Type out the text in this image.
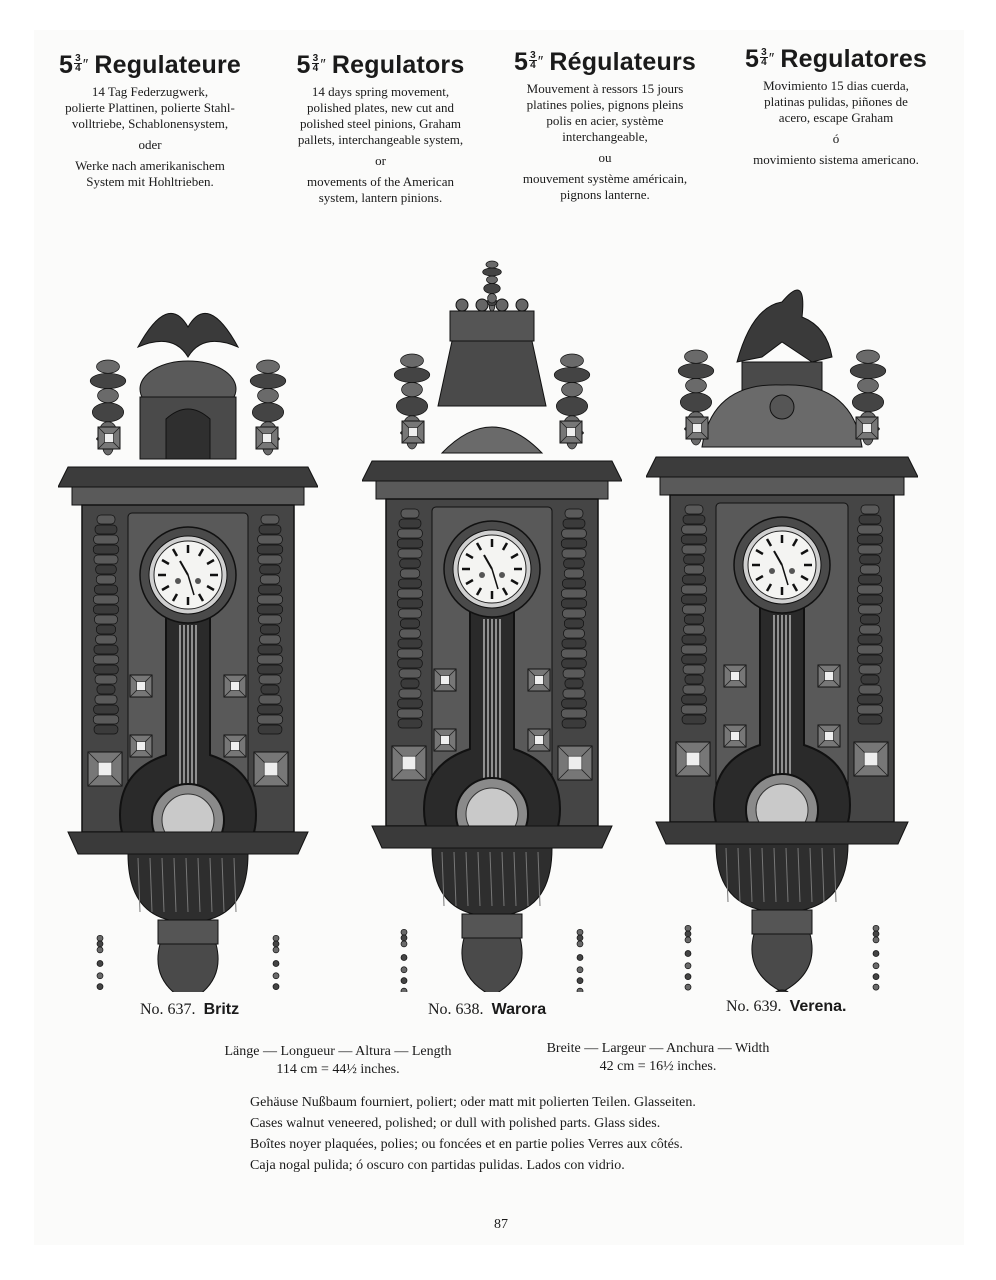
$5 \frac{3}{4} ''$ Regulateure
14 Tag Federzugwerk,
polierte Plattinen, polierte Stahl-
volltriebe, Schablonensystem,
oder
Werke nach amerikanischem
System mit Hohltrieben.
$5 \frac{3}{4} ''$ Regulators
14 days spring movement,
polished plates, new cut and
polished steel pinions, Graham
pallets, interchangeable system,
or
movements of the American
system, lantern pinions.
$5 \frac{3}{4} ''$ Régulateurs
Mouvement à ressors 15 jours
platines polies, pignons pleins
polis en acier, système
interchangeable,
ou
mouvement système américain,
pignons lanterne.
$5 \frac{3}{4} ''$ Regulatores
Movimiento 15 dias cuerda,
platinas pulidas, piñones de
acero, escape Graham
ó
movimiento sistema americano.
No. 637. Britz	No. 638. Warora	No. 639. Verena.
Länge — Longueur — Altura — Length
114 cm = 44½ inches.
Breite — Largeur — Anchura — Width
42 cm = 16½ inches.
Gehäuse Nußbaum fourniert, poliert; oder matt mit polierten Teilen. Glasseiten.
Cases walnut veneered, polished; or dull with polished parts. Glass sides.
Boîtes noyer plaquées, polies; ou foncées et en partie polies Verres aux côtés.
Caja nogal pulida; ó oscuro con partidas pulidas. Lados con vidrio.
87
